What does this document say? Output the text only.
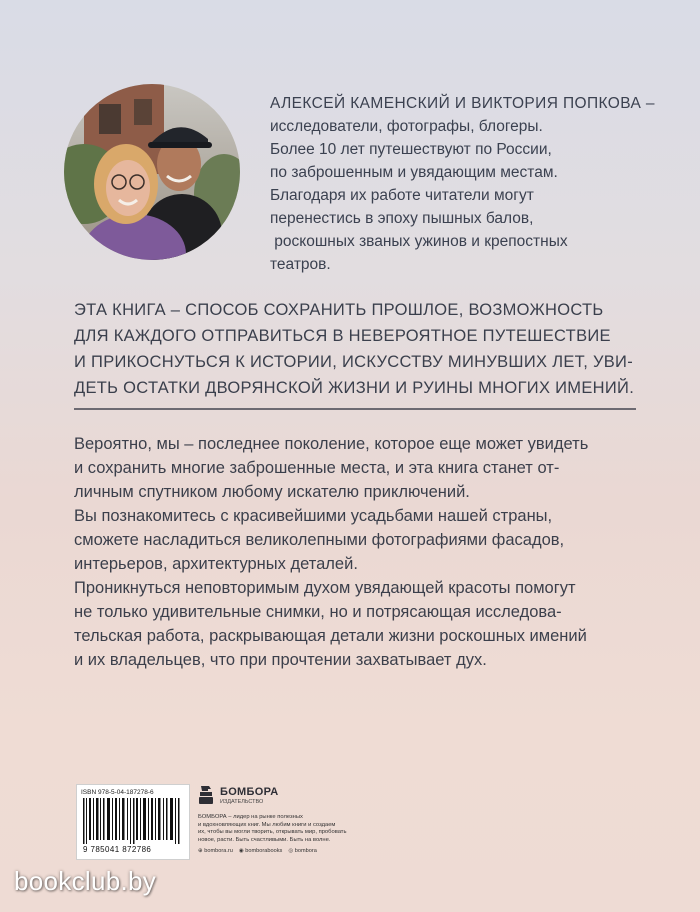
АЛЕКСЕЙ КАМЕНСКИЙ И ВИКТОРИЯ ПОПКОВА –

исследователи, фотографы, блогеры.

Более 10 лет путешествуют по России,

по заброшенным и увядающим местам.

Благодаря их работе читатели могут

перенестись в эпоху пышных балов,

роскошных званых ужинов и крепостных

театров.

ЭТА КНИГА – СПОСОБ СОХРАНИТЬ ПРОШЛОЕ, ВОЗМОЖНОСТЬ

ДЛЯ КАЖДОГО ОТПРАВИТЬСЯ В НЕВЕРОЯТНОЕ ПУТЕШЕСТВИЕ

И ПРИКОСНУТЬСЯ К ИСТОРИИ, ИСКУССТВУ МИНУВШИХ ЛЕТ, УВИ-

ДЕТЬ ОСТАТКИ ДВОРЯНСКОЙ ЖИЗНИ И РУИНЫ МНОГИХ ИМЕНИЙ.

Вероятно, мы – последнее поколение, которое еще может увидеть

и сохранить многие заброшенные места, и эта книга станет от-

личным спутником любому искателю приключений.

Вы познакомитесь с красивейшими усадьбами нашей страны,

сможете насладиться великолепными фотографиями фасадов,

интерьеров, архитектурных деталей.

Проникнуться неповторимым духом увядающей красоты помогут

не только удивительные снимки, но и потрясающая исследова-

тельская работа, раскрывающая детали жизни роскошных имений

и их владельцев, что при прочтении захватывает дух.

ISBN 978-5-04-187278-6
9 785041 872786
БОМБОРА
ИЗДАТЕЛЬСТВО
БОМБОРА – лидер на рынке полезных
и вдохновляющих книг. Мы любим книги и создаем
их, чтобы вы могли творить, открывать мир, пробовать
новое, расти. Быть счастливыми. Быть на волне.
⊕ bombora.ru ◉ bomborabooks ◎ bombora
bookclub.by
